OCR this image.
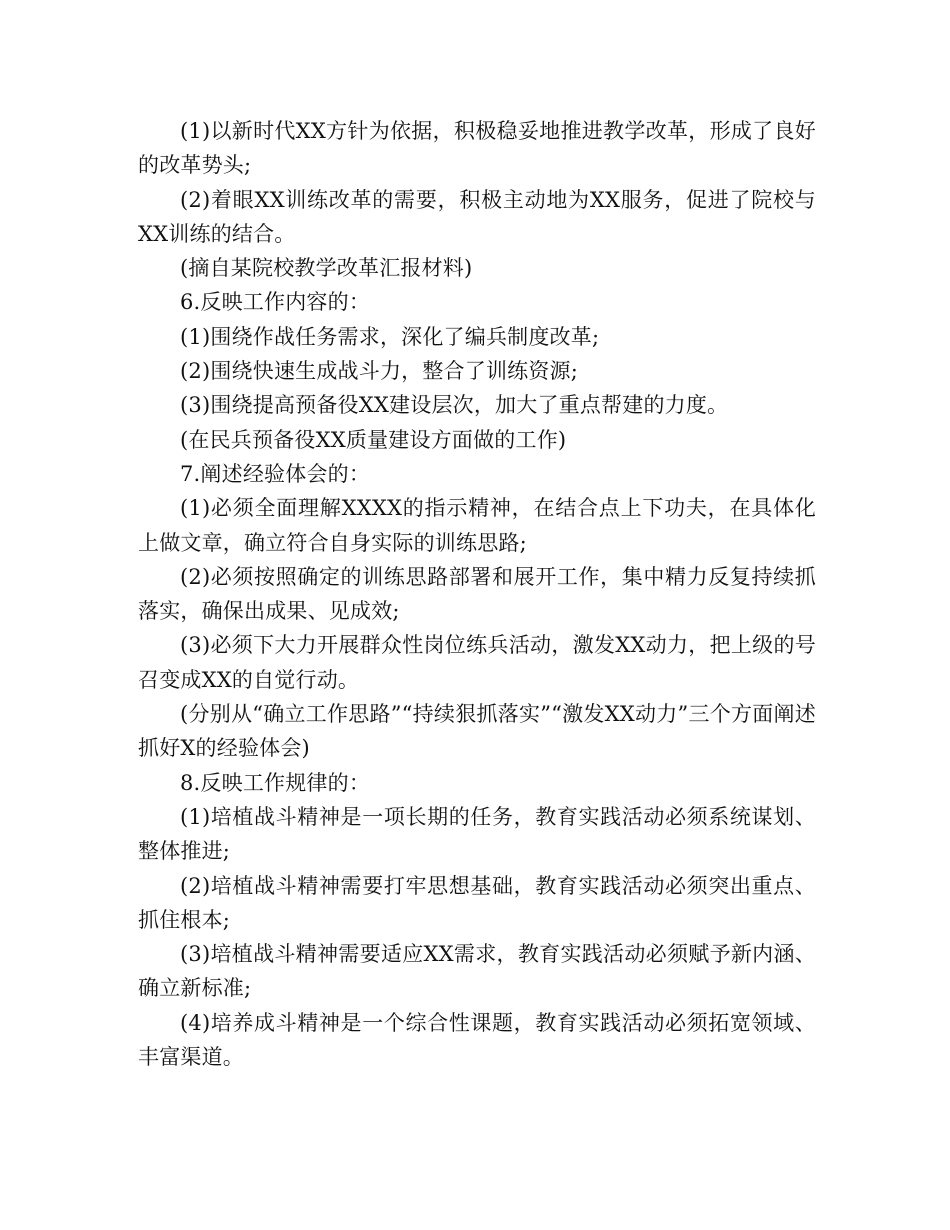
(1)以新时代XX方针为依据，积极稳妥地推进教学改革，形成了良好的改革势头;

(2)着眼XX训练改革的需要，积极主动地为XX服务，促进了院校与XX训练的结合。

(摘自某院校教学改革汇报材料)

6.反映工作内容的：

(1)围绕作战任务需求，深化了编兵制度改革;

(2)围绕快速生成战斗力，整合了训练资源;

(3)围绕提高预备役XX建设层次，加大了重点帮建的力度。

(在民兵预备役XX质量建设方面做的工作)

7.阐述经验体会的：

(1)必须全面理解XXXX的指示精神，在结合点上下功夫，在具体化上做文章，确立符合自身实际的训练思路;

(2)必须按照确定的训练思路部署和展开工作，集中精力反复持续抓落实，确保出成果、见成效;

(3)必须下大力开展群众性岗位练兵活动，激发XX动力，把上级的号召变成XX的自觉行动。

(分别从“确立工作思路”“持续狠抓落实”“激发XX动力”三个方面阐述抓好X的经验体会)

8.反映工作规律的：

(1)培植战斗精神是一项长期的任务，教育实践活动必须系统谋划、整体推进;

(2)培植战斗精神需要打牢思想基础，教育实践活动必须突出重点、抓住根本;

(3)培植战斗精神需要适应XX需求，教育实践活动必须赋予新内涵、确立新标准;

(4)培养成斗精神是一个综合性课题，教育实践活动必须拓宽领域、丰富渠道。
